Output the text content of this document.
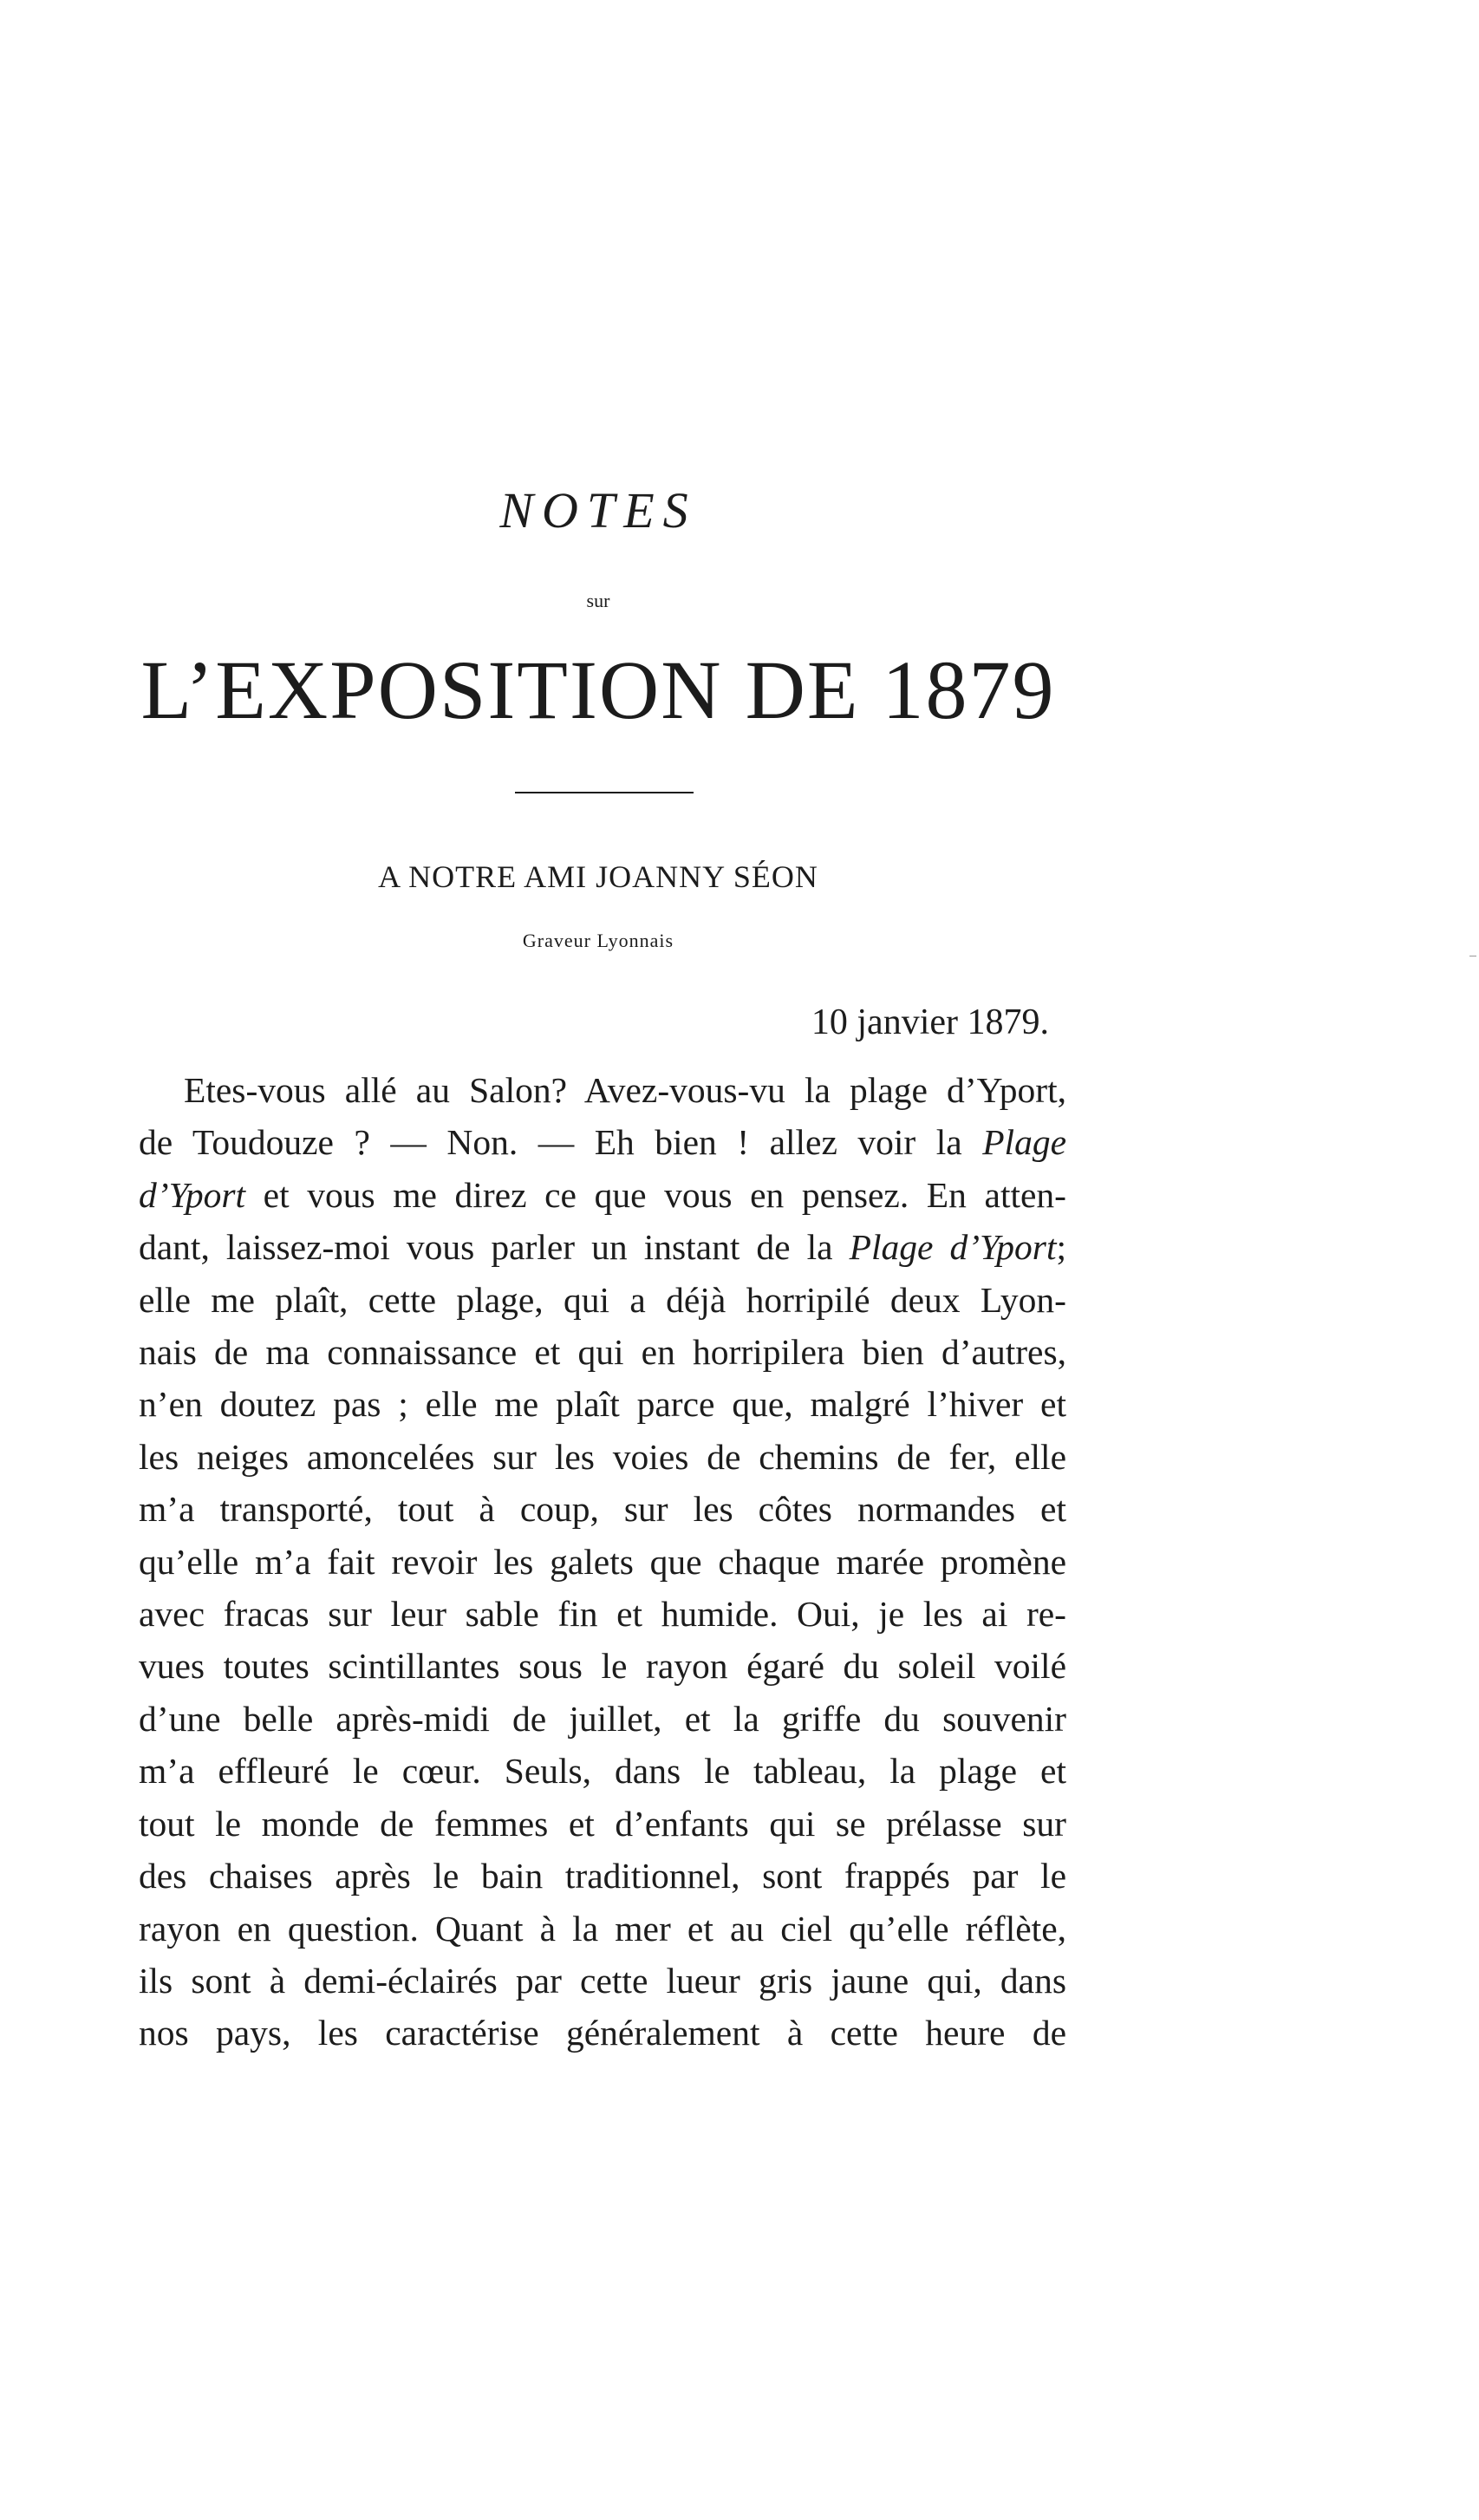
NOTES
sur
L’EXPOSITION DE 1879
A NOTRE AMI JOANNY SÉON
Graveur Lyonnais
10 janvier 1879.
Etes-vous allé au Salon? Avez-vous-vu la plage d’Yport,
de Toudouze ? — Non. — Eh bien ! allez voir la Plage
d’Yport et vous me direz ce que vous en pensez. En atten-
dant, laissez-moi vous parler un instant de la Plage d’Yport;
elle me plaît, cette plage, qui a déjà horripilé deux Lyon-
nais de ma connaissance et qui en horripilera bien d’autres,
n’en doutez pas ; elle me plaît parce que, malgré l’hiver et
les neiges amoncelées sur les voies de chemins de fer, elle
m’a transporté, tout à coup, sur les côtes normandes et
qu’elle m’a fait revoir les galets que chaque marée promène
avec fracas sur leur sable fin et humide. Oui, je les ai re-
vues toutes scintillantes sous le rayon égaré du soleil voilé
d’une belle après-midi de juillet, et la griffe du souvenir
m’a effleuré le cœur. Seuls, dans le tableau, la plage et
tout le monde de femmes et d’enfants qui se prélasse sur
des chaises après le bain traditionnel, sont frappés par le
rayon en question. Quant à la mer et au ciel qu’elle réflète,
ils sont à demi-éclairés par cette lueur gris jaune qui, dans
nos pays, les caractérise généralement à cette heure de
